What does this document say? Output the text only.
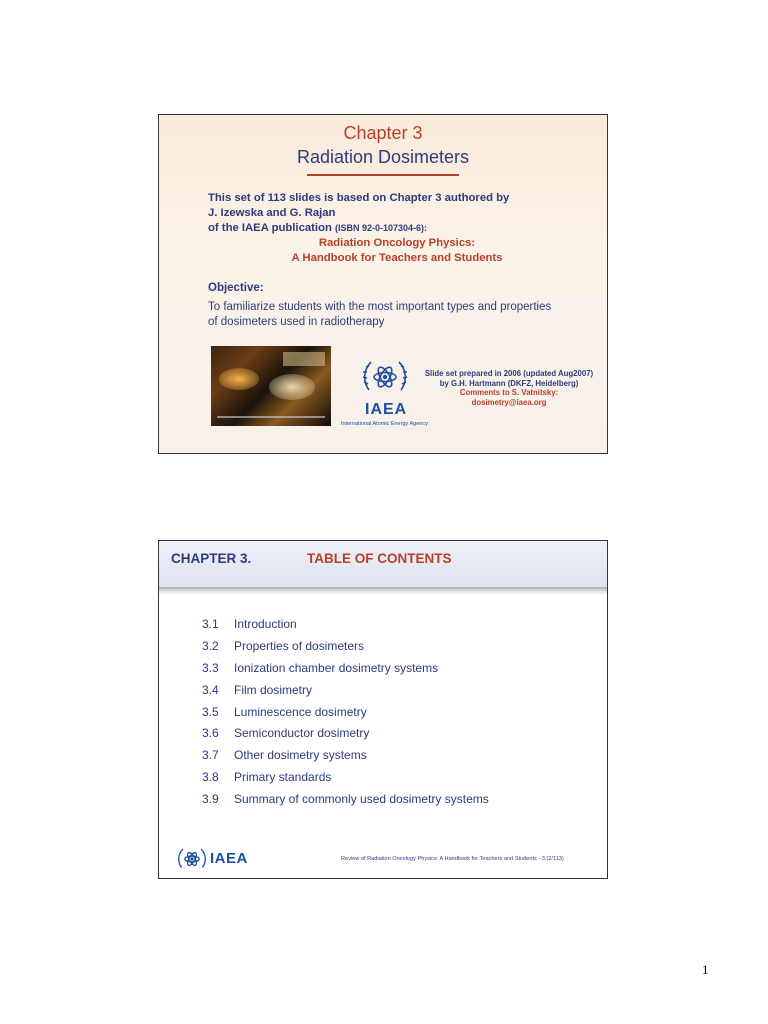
Chapter 3
Radiation Dosimeters
This set of 113 slides is based on Chapter 3 authored by
J. Izewska and G. Rajan
of the IAEA publication (ISBN 92-0-107304-6):
Radiation Oncology Physics:
A Handbook for Teachers and Students
Objective:
To familiarize students with the most important types and properties
of dosimeters used in radiotherapy
IAEA
International Atomic Energy Agency
Slide set prepared in 2006 (updated Aug2007)
by G.H. Hartmann (DKFZ, Heidelberg)
Comments to S. Vatnitsky:
dosimetry@iaea.org
CHAPTER 3.	TABLE OF CONTENTS
3.1 Introduction
3.2 Properties of dosimeters
3.3 Ionization chamber dosimetry systems
3.4 Film dosimetry
3.5 Luminescence dosimetry
3.6 Semiconductor dosimetry
3.7 Other dosimetry systems
3.8 Primary standards
3.9 Summary of commonly used dosimetry systems
IAEA	Review of Radiation Oncology Physics: A Handbook for Teachers and Students - 3.(2/113)
1
